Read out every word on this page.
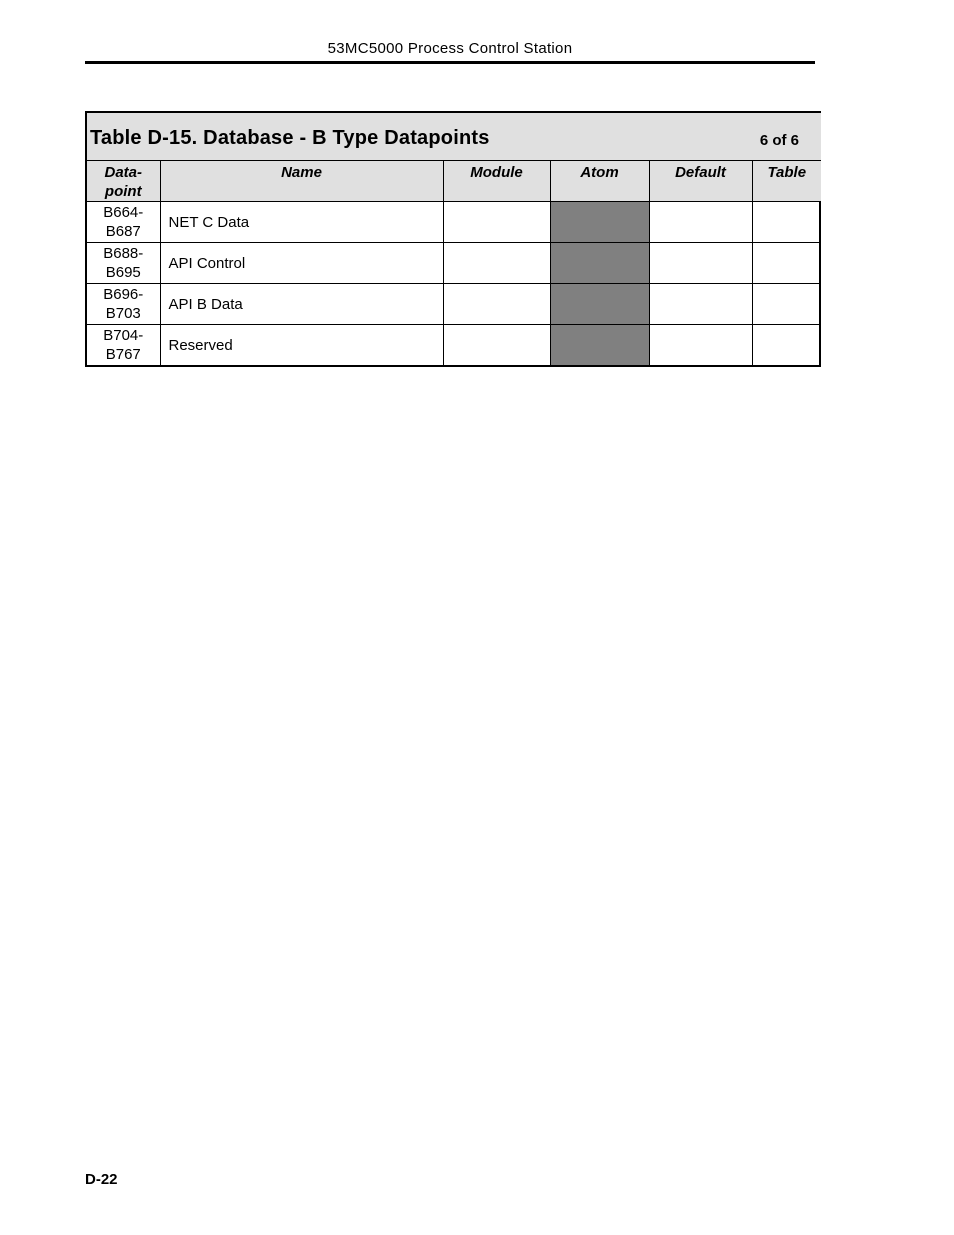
53MC5000 Process Control Station
Table D-15. Database - B Type Datapoints 6 of 6					

Data-
point	Name	Module	Atom	Default	Table
B664-
B687	NET C Data				
B688-
B695	API Control				
B696-
B703	API B Data				
B704-
B767	Reserved				
D-22
